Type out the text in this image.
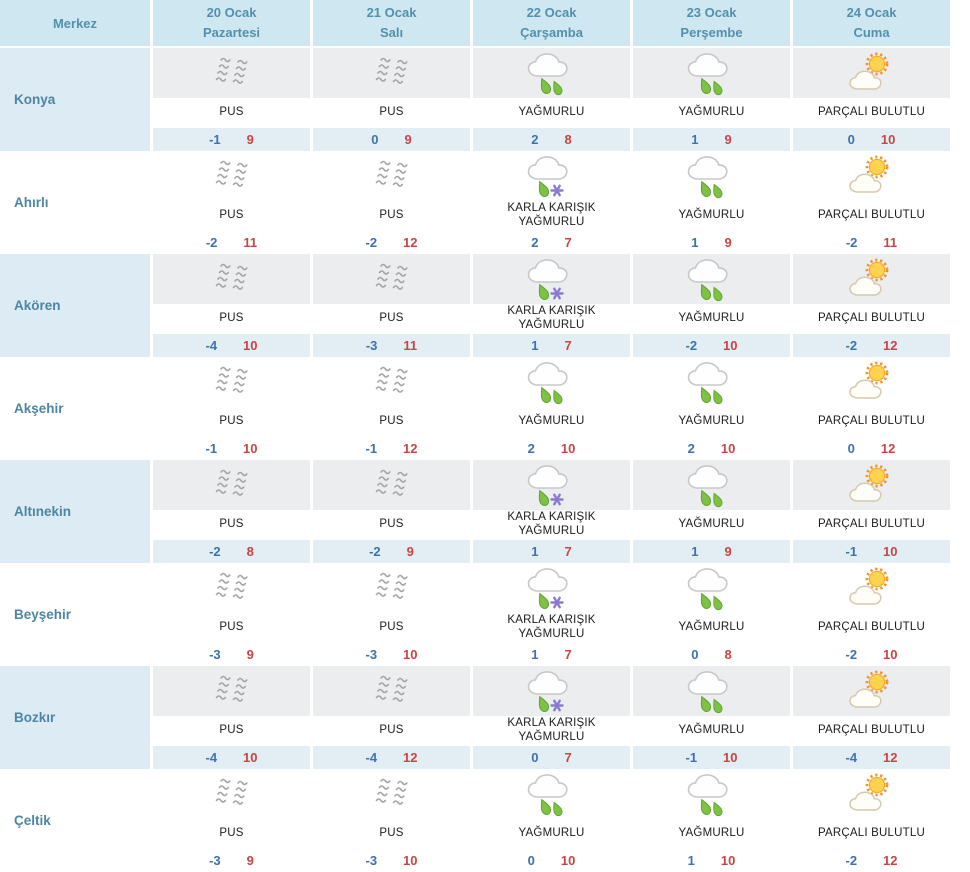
Merkez
20 Ocak
Pazartesi
21 Ocak
Salı
22 Ocak
Çarşamba
23 Ocak
Perşembe
24 Ocak
Cuma
Konya
PUS
-1 9
PUS
0 9
YAĞMURLU
2 8
YAĞMURLU
1 9
PARÇALI BULUTLU
0 10
Ahırlı
PUS
-2 11
PUS
-2 12
KARLA KARIŞIK YAĞMURLU
2 7
YAĞMURLU
1 9
PARÇALI BULUTLU
-2 11
Akören
PUS
-4 10
PUS
-3 11
KARLA KARIŞIK YAĞMURLU
1 7
YAĞMURLU
-2 10
PARÇALI BULUTLU
-2 12
Akşehir
PUS
-1 10
PUS
-1 12
YAĞMURLU
2 10
YAĞMURLU
2 10
PARÇALI BULUTLU
0 12
Altınekin
PUS
-2 8
PUS
-2 9
KARLA KARIŞIK YAĞMURLU
1 7
YAĞMURLU
1 9
PARÇALI BULUTLU
-1 10
Beyşehir
PUS
-3 9
PUS
-3 10
KARLA KARIŞIK YAĞMURLU
1 7
YAĞMURLU
0 8
PARÇALI BULUTLU
-2 10
Bozkır
PUS
-4 10
PUS
-4 12
KARLA KARIŞIK YAĞMURLU
0 7
YAĞMURLU
-1 10
PARÇALI BULUTLU
-4 12
Çeltik
PUS
-3 9
PUS
-3 10
YAĞMURLU
0 10
YAĞMURLU
1 10
PARÇALI BULUTLU
-2 12
